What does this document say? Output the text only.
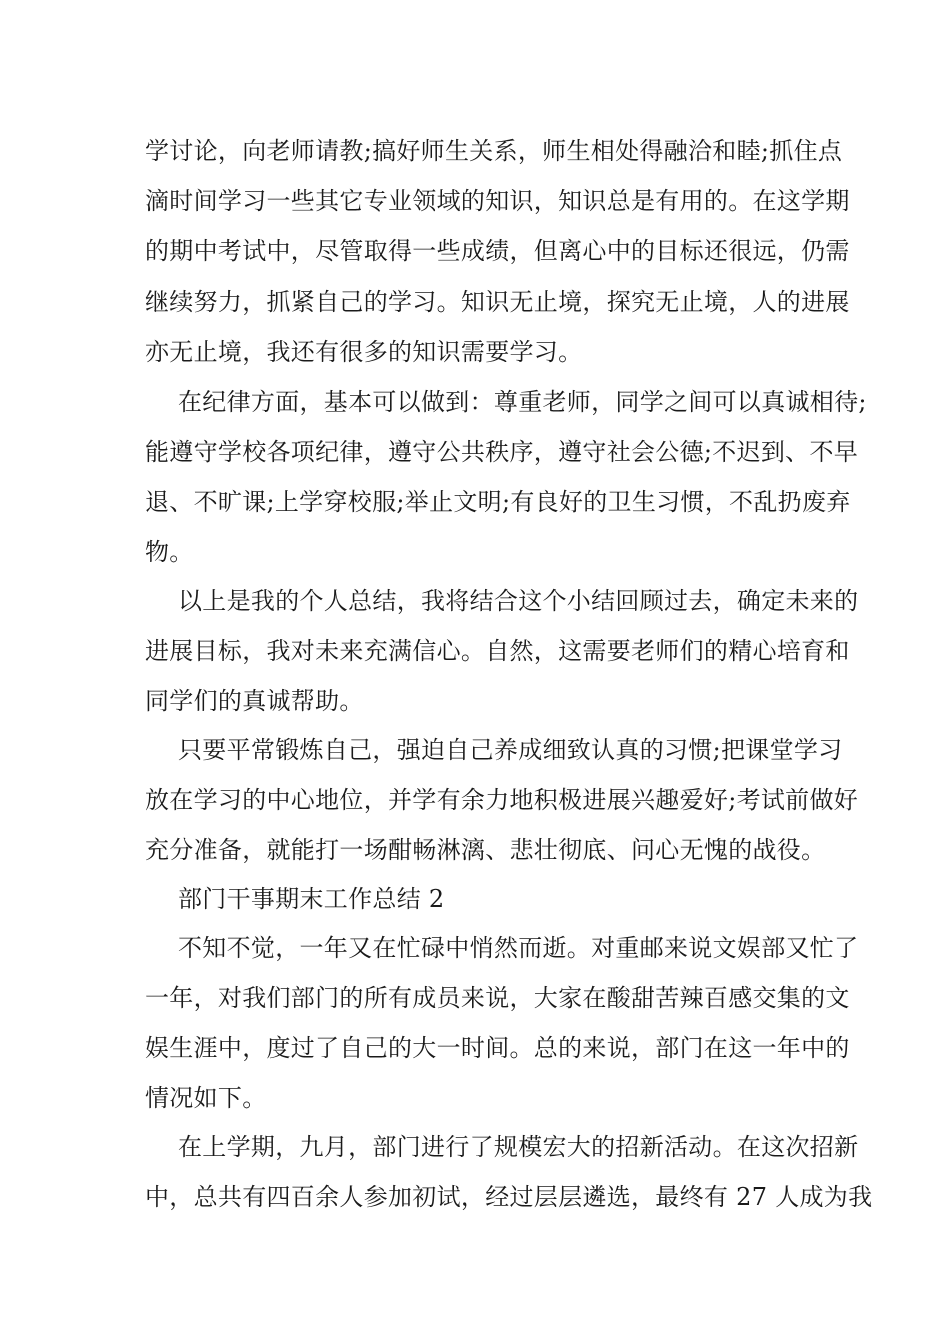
学讨论，向老师请教;搞好师生关系，师生相处得融洽和睦;抓住点
滴时间学习一些其它专业领域的知识，知识总是有用的。在这学期
的期中考试中，尽管取得一些成绩，但离心中的目标还很远，仍需
继续努力，抓紧自己的学习。知识无止境，探究无止境，人的进展
亦无止境，我还有很多的知识需要学习。
在纪律方面，基本可以做到：尊重老师，同学之间可以真诚相待;
能遵守学校各项纪律，遵守公共秩序，遵守社会公德;不迟到、不早
退、不旷课;上学穿校服;举止文明;有良好的卫生习惯，不乱扔废弃
物。
以上是我的个人总结，我将结合这个小结回顾过去，确定未来的
进展目标，我对未来充满信心。自然，这需要老师们的精心培育和
同学们的真诚帮助。
只要平常锻炼自己，强迫自己养成细致认真的习惯;把课堂学习
放在学习的中心地位，并学有余力地积极进展兴趣爱好;考试前做好
充分准备，就能打一场酣畅淋漓、悲壮彻底、问心无愧的战役。
部门干事期末工作总结 2
不知不觉，一年又在忙碌中悄然而逝。对重邮来说文娱部又忙了
一年，对我们部门的所有成员来说，大家在酸甜苦辣百感交集的文
娱生涯中，度过了自己的大一时间。总的来说，部门在这一年中的
情况如下。
在上学期，九月，部门进行了规模宏大的招新活动。在这次招新
中，总共有四百余人参加初试，经过层层遴选，最终有 27 人成为我
